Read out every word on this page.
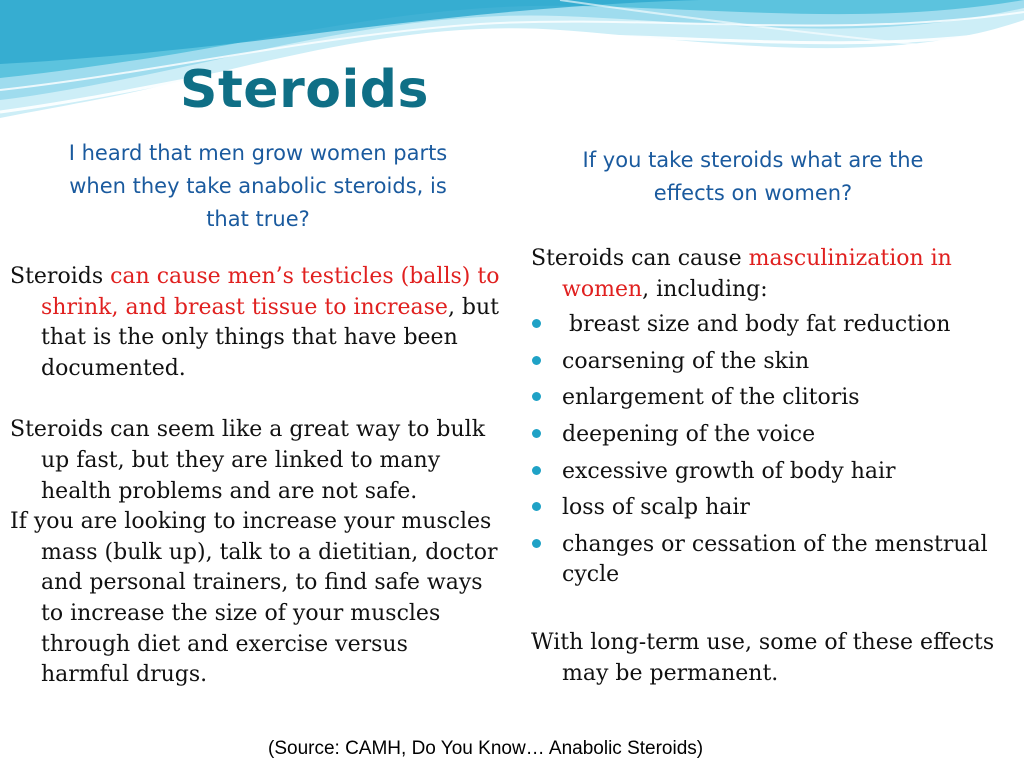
Steroids
I heard that men grow women parts when they take anabolic steroids, is that true?
If you take steroids what are the effects on women?

Steroids can cause men’s testicles (balls) to shrink, and breast tissue to increase, but that is the only things that have been documented.

Steroids can seem like a great way to bulk up fast, but they are linked to many health problems and are not safe.

If you are looking to increase your muscles mass (bulk up), talk to a dietitian, doctor and personal trainers, to find safe ways to increase the size of your muscles through diet and exercise versus harmful drugs.

Steroids can cause masculinization in women, including:

breast size and body fat reduction
coarsening of the skin
enlargement of the clitoris
deepening of the voice
excessive growth of body hair
loss of scalp hair
changes or cessation of the menstrual cycle

With long-term use, some of these effects may be permanent.

(Source: CAMH, Do You Know… Anabolic Steroids)
